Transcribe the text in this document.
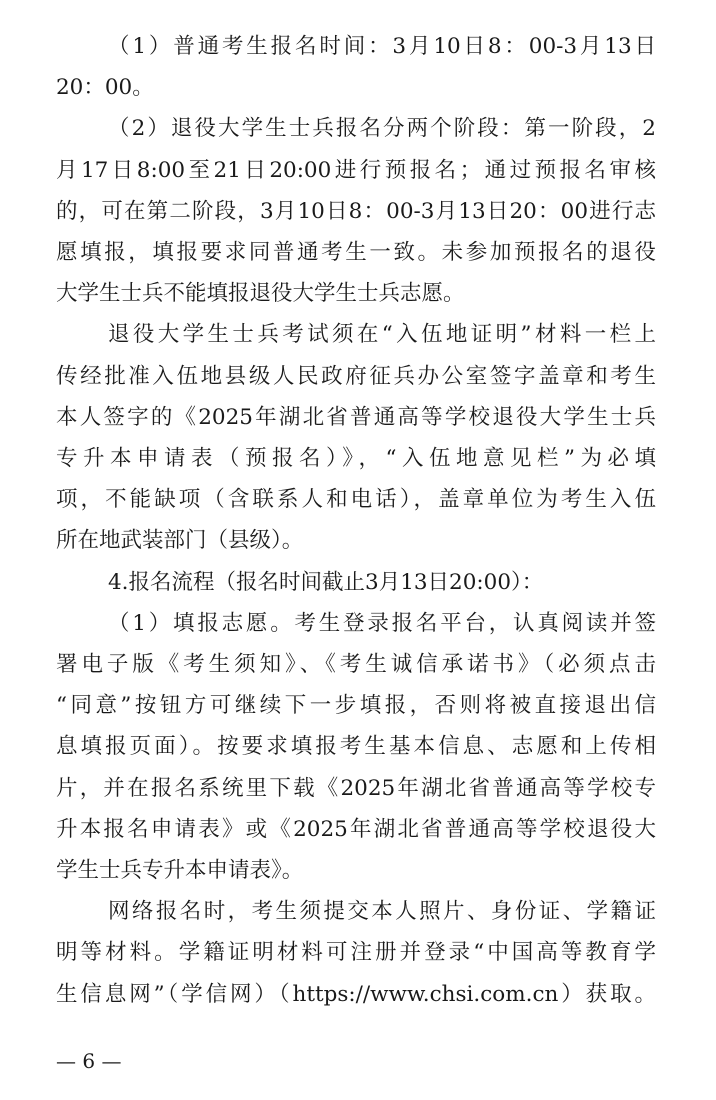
（1）普通考生报名时间：3月10日8：00-3月13日
20：00。
（2）退役大学生士兵报名分两个阶段：第一阶段，2
月17日8:00至21日20:00进行预报名；通过预报名审核
的，可在第二阶段，3月10日8：00-3月13日20：00进行志
愿填报，填报要求同普通考生一致。未参加预报名的退役
大学生士兵不能填报退役大学生士兵志愿。
退役大学生士兵考试须在“入伍地证明”材料一栏上
传经批准入伍地县级人民政府征兵办公室签字盖章和考生
本人签字的《2025年湖北省普通高等学校退役大学生士兵
专升本申请表（预报名）》，“入伍地意见栏”为必填
项，不能缺项（含联系人和电话），盖章单位为考生入伍
所在地武装部门（县级）。
4.报名流程（报名时间截止3月13日20:00）：
（1）填报志愿。考生登录报名平台，认真阅读并签
署电子版《考生须知》、《考生诚信承诺书》（必须点击
“同意”按钮方可继续下一步填报，否则将被直接退出信
息填报页面）。按要求填报考生基本信息、志愿和上传相
片，并在报名系统里下载《2025年湖北省普通高等学校专
升本报名申请表》或《2025年湖北省普通高等学校退役大
学生士兵专升本申请表》。
网络报名时，考生须提交本人照片、身份证、学籍证
明等材料。学籍证明材料可注册并登录“中国高等教育学
生信息网”（学信网）（https://www.chsi.com.cn）获取。
— 6 —
